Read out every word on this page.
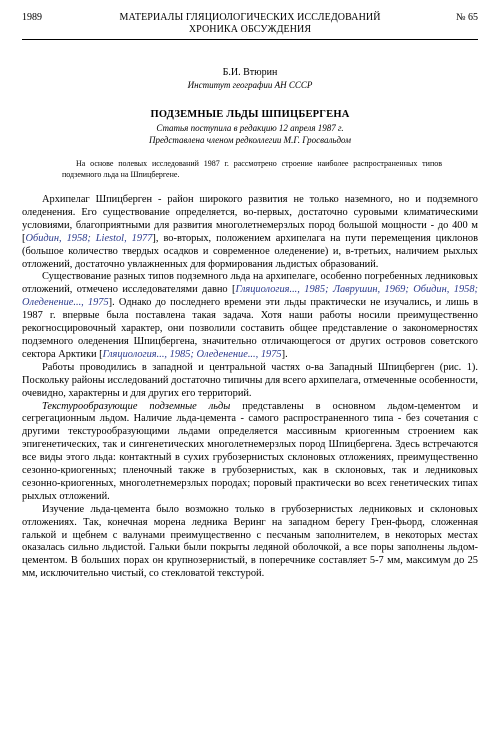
1989	МАТЕРИАЛЫ ГЛЯЦИОЛОГИЧЕСКИХ ИССЛЕДОВАНИЙ
ХРОНИКА ОБСУЖДЕНИЯ
№ 65
Б.И. Втюрин
Институт географии АН СССР
ПОДЗЕМНЫЕ ЛЬДЫ ШПИЦБЕРГЕНА
Статья поступила в редакцию 12 апреля 1987 г.
Представлена членом редколлегии М.Г. Гросвальдом
На основе полевых исследований 1987 г. рассмотрено строение наиболее распространенных типов подземного льда на Шпицбергене.

Архипелаг Шпицберген - район широкого развития не только наземного, но и подземного оледенения. Его существование определяется, во-первых, достаточно суровыми климатическими условиями, благоприятными для развития многолетнемерзлых пород большой мощности - до 400 м [Обидин, 1958; Liestol, 1977], во-вторых, положением архипелага на пути перемещения циклонов (большое количество твердых осадков и современное оледенение) и, в-третьих, наличием рыхлых отложений, достаточно увлажненных для формирования льдистых образований.

Существование разных типов подземного льда на архипелаге, особенно погребенных ледниковых отложений, отмечено исследователями давно [Гляциология..., 1985; Лаврушин, 1969; Обидин, 1958; Оледенение..., 1975]. Однако до последнего времени эти льды практически не изучались, и лишь в 1987 г. впервые была поставлена такая задача. Хотя наши работы носили преимущественно рекогносцировочный характер, они позволили составить общее представление о закономерностях подземного оледенения Шпицбергена, значительно отличающегося от других островов советского сектора Арктики [Гляциология..., 1985; Оледенение..., 1975].

Работы проводились в западной и центральной частях о-ва Западный Шпицберген (рис. 1). Поскольку районы исследований достаточно типичны для всего архипелага, отмеченные особенности, очевидно, характерны и для других его территорий.

Текстурообразующие подземные льды представлены в основном льдом-цементом и сегрегационным льдом. Наличие льда-цемента - самого распространенного типа - без сочетания с другими текстурообразующими льдами определяется массивным криогенным строением как эпигенетических, так и сингенетических многолетнемерзлых пород Шпицбергена. Здесь встречаются все виды этого льда: контактный в сухих грубозернистых склоновых отложениях, преимущественно сезонно-криогенных; пленочный также в грубозернистых, как в склоновых, так и ледниковых сезонно-криогенных, многолетнемерзлых породах; поровый практически во всех генетических типах рыхлых отложений.

Изучение льда-цемента было возможно только в грубозернистых ледниковых и склоновых отложениях. Так, конечная морена ледника Веринг на западном берегу Грен-фьорд, сложенная галькой и щебнем с валунами преимущественно с песчаным заполнителем, в некоторых местах оказалась сильно льдистой. Гальки были покрыты ледяной оболочкой, а все поры заполнены льдом-цементом. В больших порах он крупнозернистый, в поперечнике составляет 5-7 мм, максимум до 25 мм, исключительно чистый, со стекловатой текстурой.
